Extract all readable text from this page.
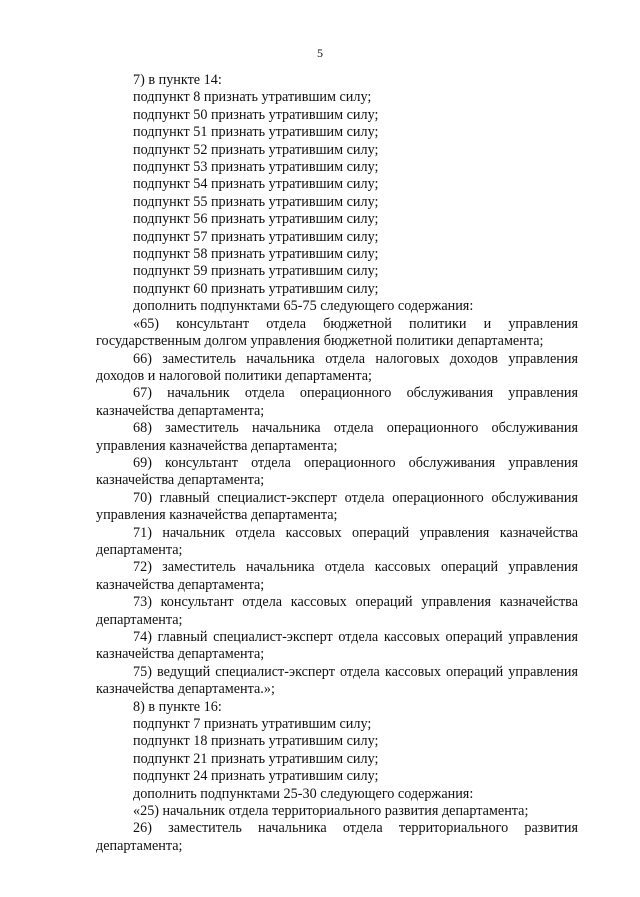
5
7) в пункте 14:
подпункт 8 признать утратившим силу;
подпункт 50 признать утратившим силу;
подпункт 51 признать утратившим силу;
подпункт 52 признать утратившим силу;
подпункт 53 признать утратившим силу;
подпункт 54 признать утратившим силу;
подпункт 55 признать утратившим силу;
подпункт 56 признать утратившим силу;
подпункт 57 признать утратившим силу;
подпункт 58 признать утратившим силу;
подпункт 59 признать утратившим силу;
подпункт 60 признать утратившим силу;
дополнить подпунктами 65-75 следующего содержания:
«65) консультант отдела бюджетной политики и управления государственным долгом управления бюджетной политики департамента;
66) заместитель начальника отдела налоговых доходов управления доходов и налоговой политики департамента;
67) начальник отдела операционного обслуживания управления казначейства департамента;
68) заместитель начальника отдела операционного обслуживания управления казначейства департамента;
69) консультант отдела операционного обслуживания управления казначейства департамента;
70) главный специалист-эксперт отдела операционного обслуживания управления казначейства департамента;
71) начальник отдела кассовых операций управления казначейства департамента;
72) заместитель начальника отдела кассовых операций управления казначейства департамента;
73) консультант отдела кассовых операций управления казначейства департамента;
74) главный специалист-эксперт отдела кассовых операций управления казначейства департамента;
75) ведущий специалист-эксперт отдела кассовых операций управления казначейства департамента.»;
8) в пункте 16:
подпункт 7 признать утратившим силу;
подпункт 18 признать утратившим силу;
подпункт 21 признать утратившим силу;
подпункт 24 признать утратившим силу;
дополнить подпунктами 25-30 следующего содержания:
«25) начальник отдела территориального развития департамента;
26) заместитель начальника отдела территориального развития департамента;
